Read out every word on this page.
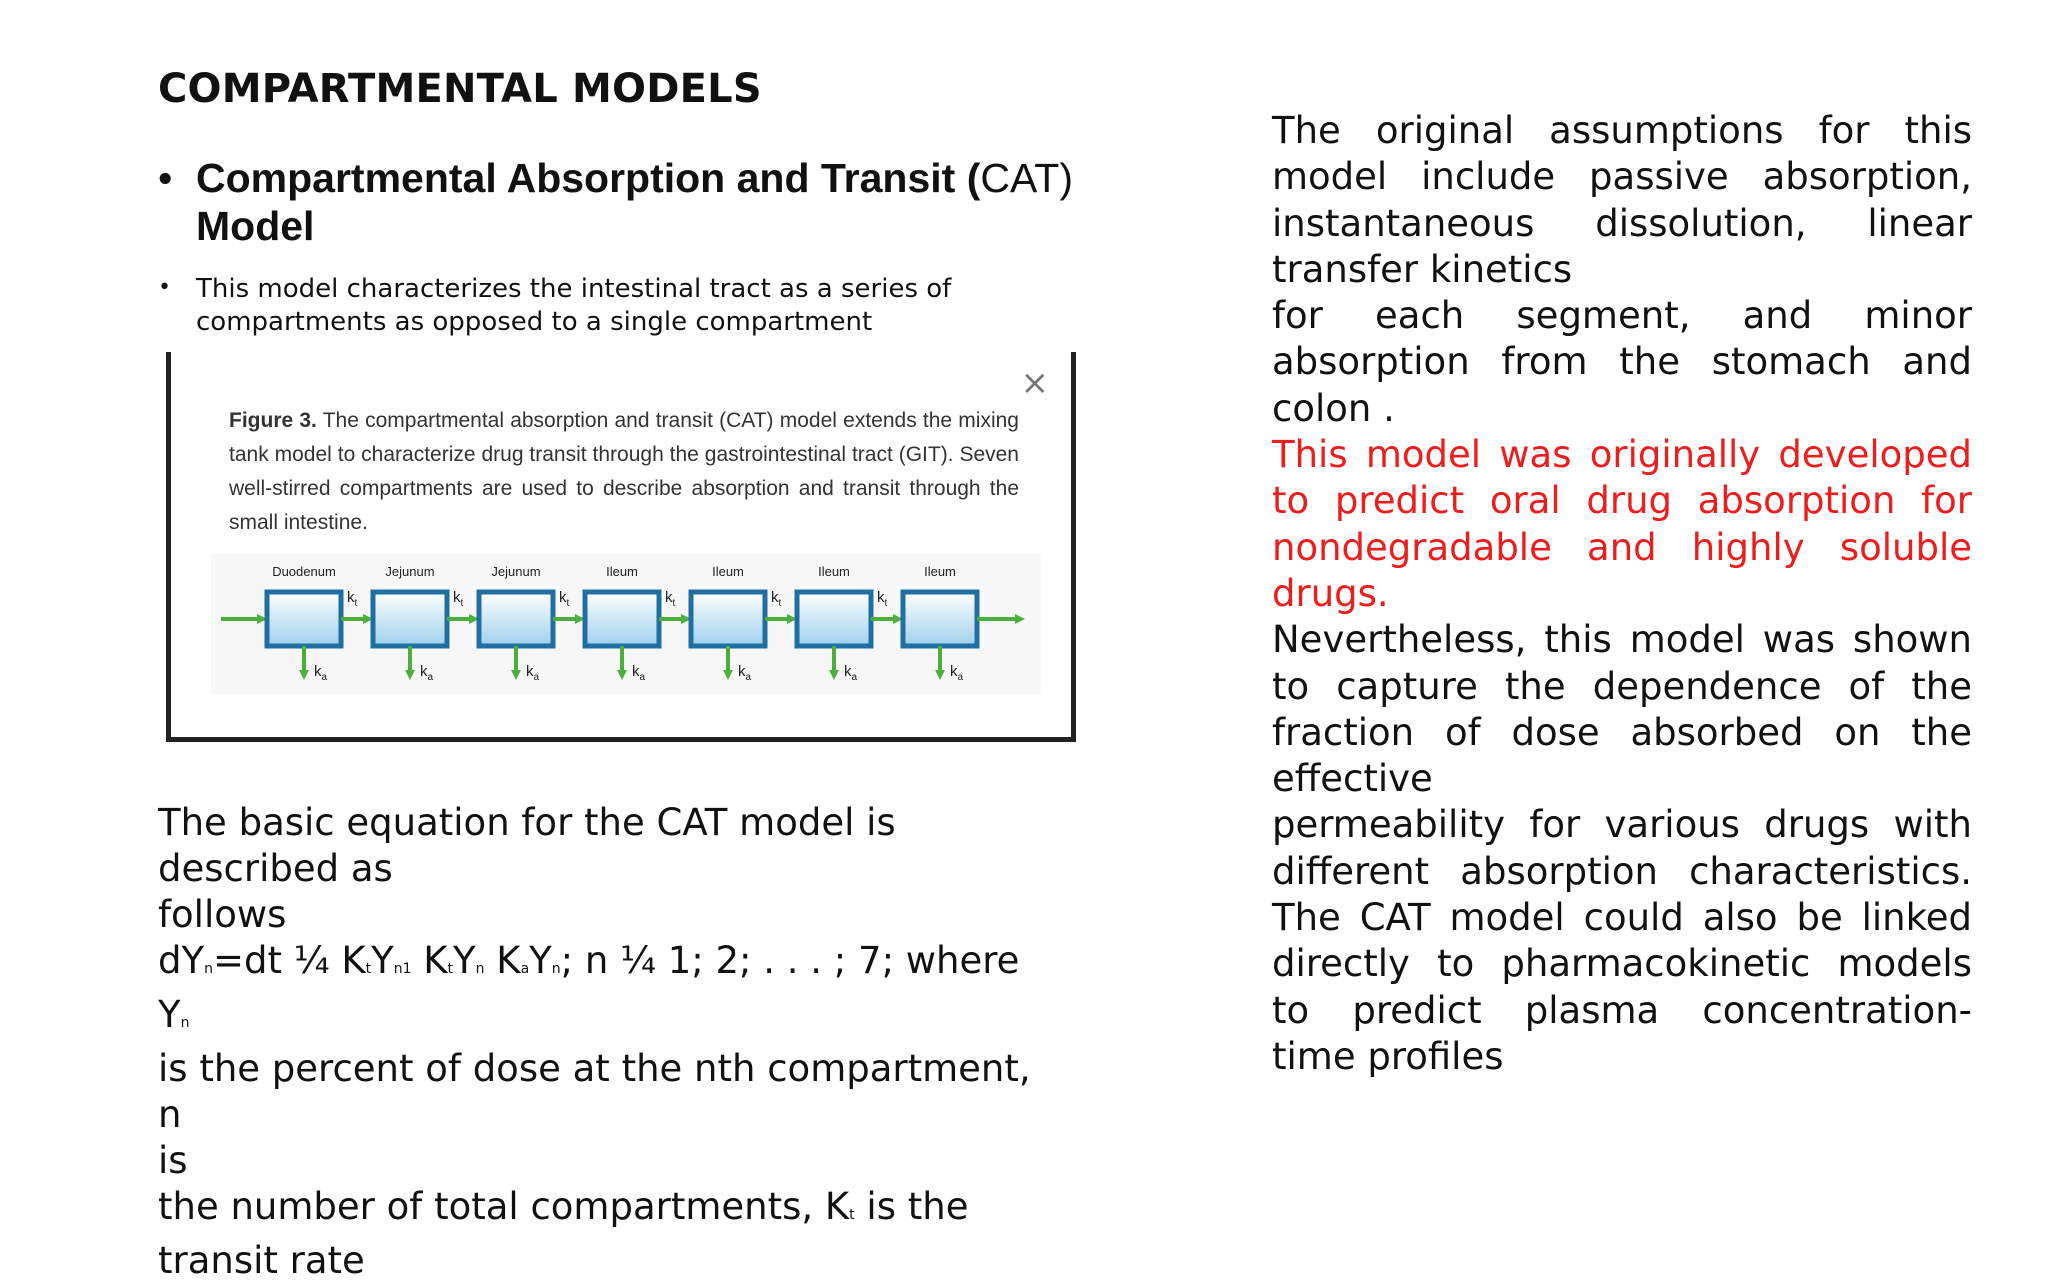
COMPARTMENTAL MODELS
• Compartmental Absorption and Transit (CAT)
Model
• This model characterizes the intestinal tract as a series of compartments as opposed to a single compartment
×
Figure 3. The compartmental absorption and transit (CAT) model extends the mixing tank model to characterize drug transit through the gastrointestinal tract (GIT). Seven well-stirred compartments are used to describe absorption and transit through the small intestine.
Duodenum
$k_a$
$k_t$
Jejunum
$k_a$
$k_t$
Jejunum
$k_a$
$k_t$
Ileum
$k_a$
$k_t$
Ileum
$k_a$
$k_t$
Ileum
$k_a$
$k_t$
Ileum
$k_a$
The basic equation for the CAT model is
described as
follows
dYn=dt ¼ KtYn1 KtYn KaYn; n ¼ 1; 2; . . . ; 7; where Yn
is the percent of dose at the nth compartment, n
is
the number of total compartments, Kt is the
transit rate

The original assumptions for this model include passive absorption, instantaneous dissolution, linear transfer kinetics

for each segment, and minor absorption from the stomach and colon .

This model was originally developed to predict oral drug absorption for nondegradable and highly soluble drugs.

Nevertheless, this model was shown to capture the dependence of the fraction of dose absorbed on the effective

permeability for various drugs with different absorption characteristics. The CAT model could also be linked directly to pharmacokinetic models to predict plasma concentration- time profiles
